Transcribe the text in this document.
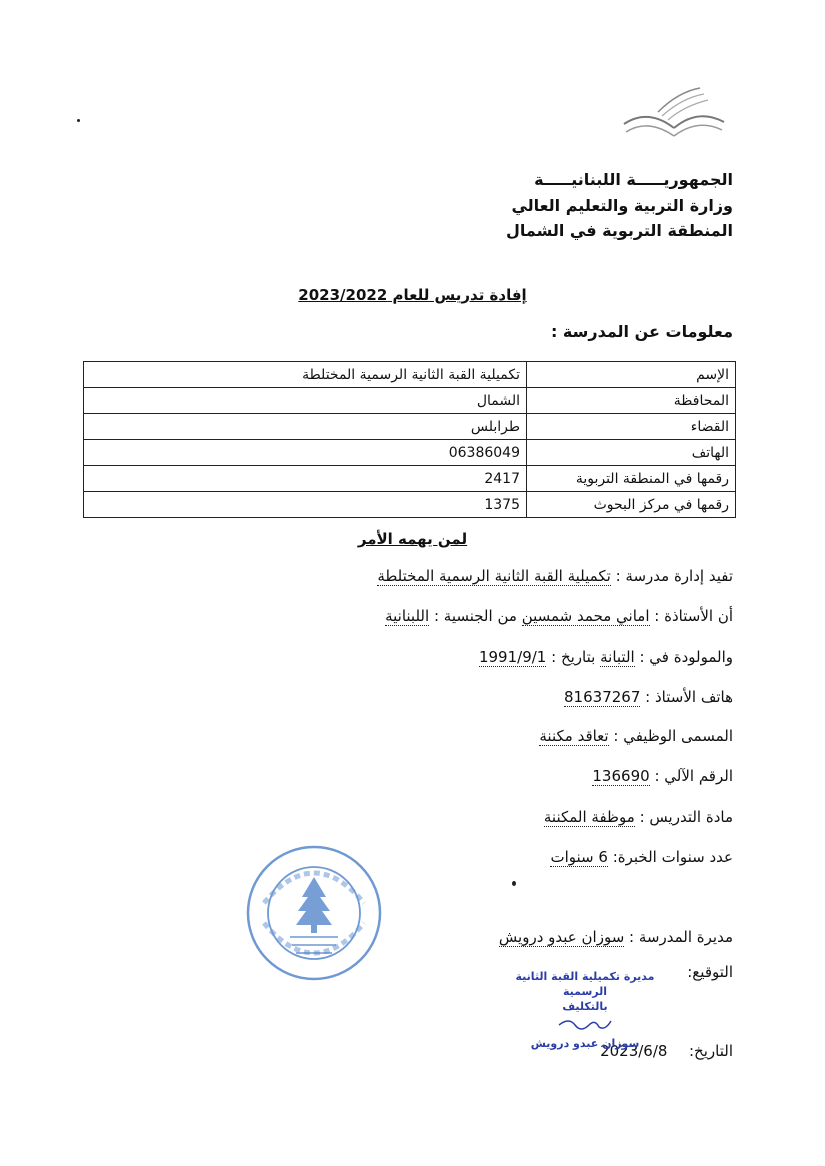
الجمهوريـــــة اللبنانيـــــة
وزارة التربية والتعليم العالي
المنطقة التربوية في الشمال
إفادة تدريس للعام 2023/2022
معلومات عن المدرسة :
الإسم	تكميلية القبة الثانية الرسمية المختلطة
المحافظة	الشمال
القضاء	طرابلس
الهاتف	06386049
رقمها في المنطقة التربوية	2417
رقمها في مركز البحوث	1375
لمن يهمه الأمر
تفيد إدارة مدرسة : تكميلية القبة الثانية الرسمية المختلطة
أن الأستاذة : اماني محمد شمسين من الجنسية : اللبنانية
والمولودة في : التبانة بتاريخ : 1991/9/1
هاتف الأستاذ : 81637267
المسمى الوظيفي : تعاقد مكننة
الرقم الآلي : 136690
مادة التدريس : موظفة المكننة
عدد سنوات الخبرة: 6 سنوات
مديرة المدرسة : سوزان عبدو درويش
التوقيع:
التاريخ:  2023/6/8
مديرة تكميلية القبة الثانية الرسمية
بالتكليف
سوزان عبدو درويش
